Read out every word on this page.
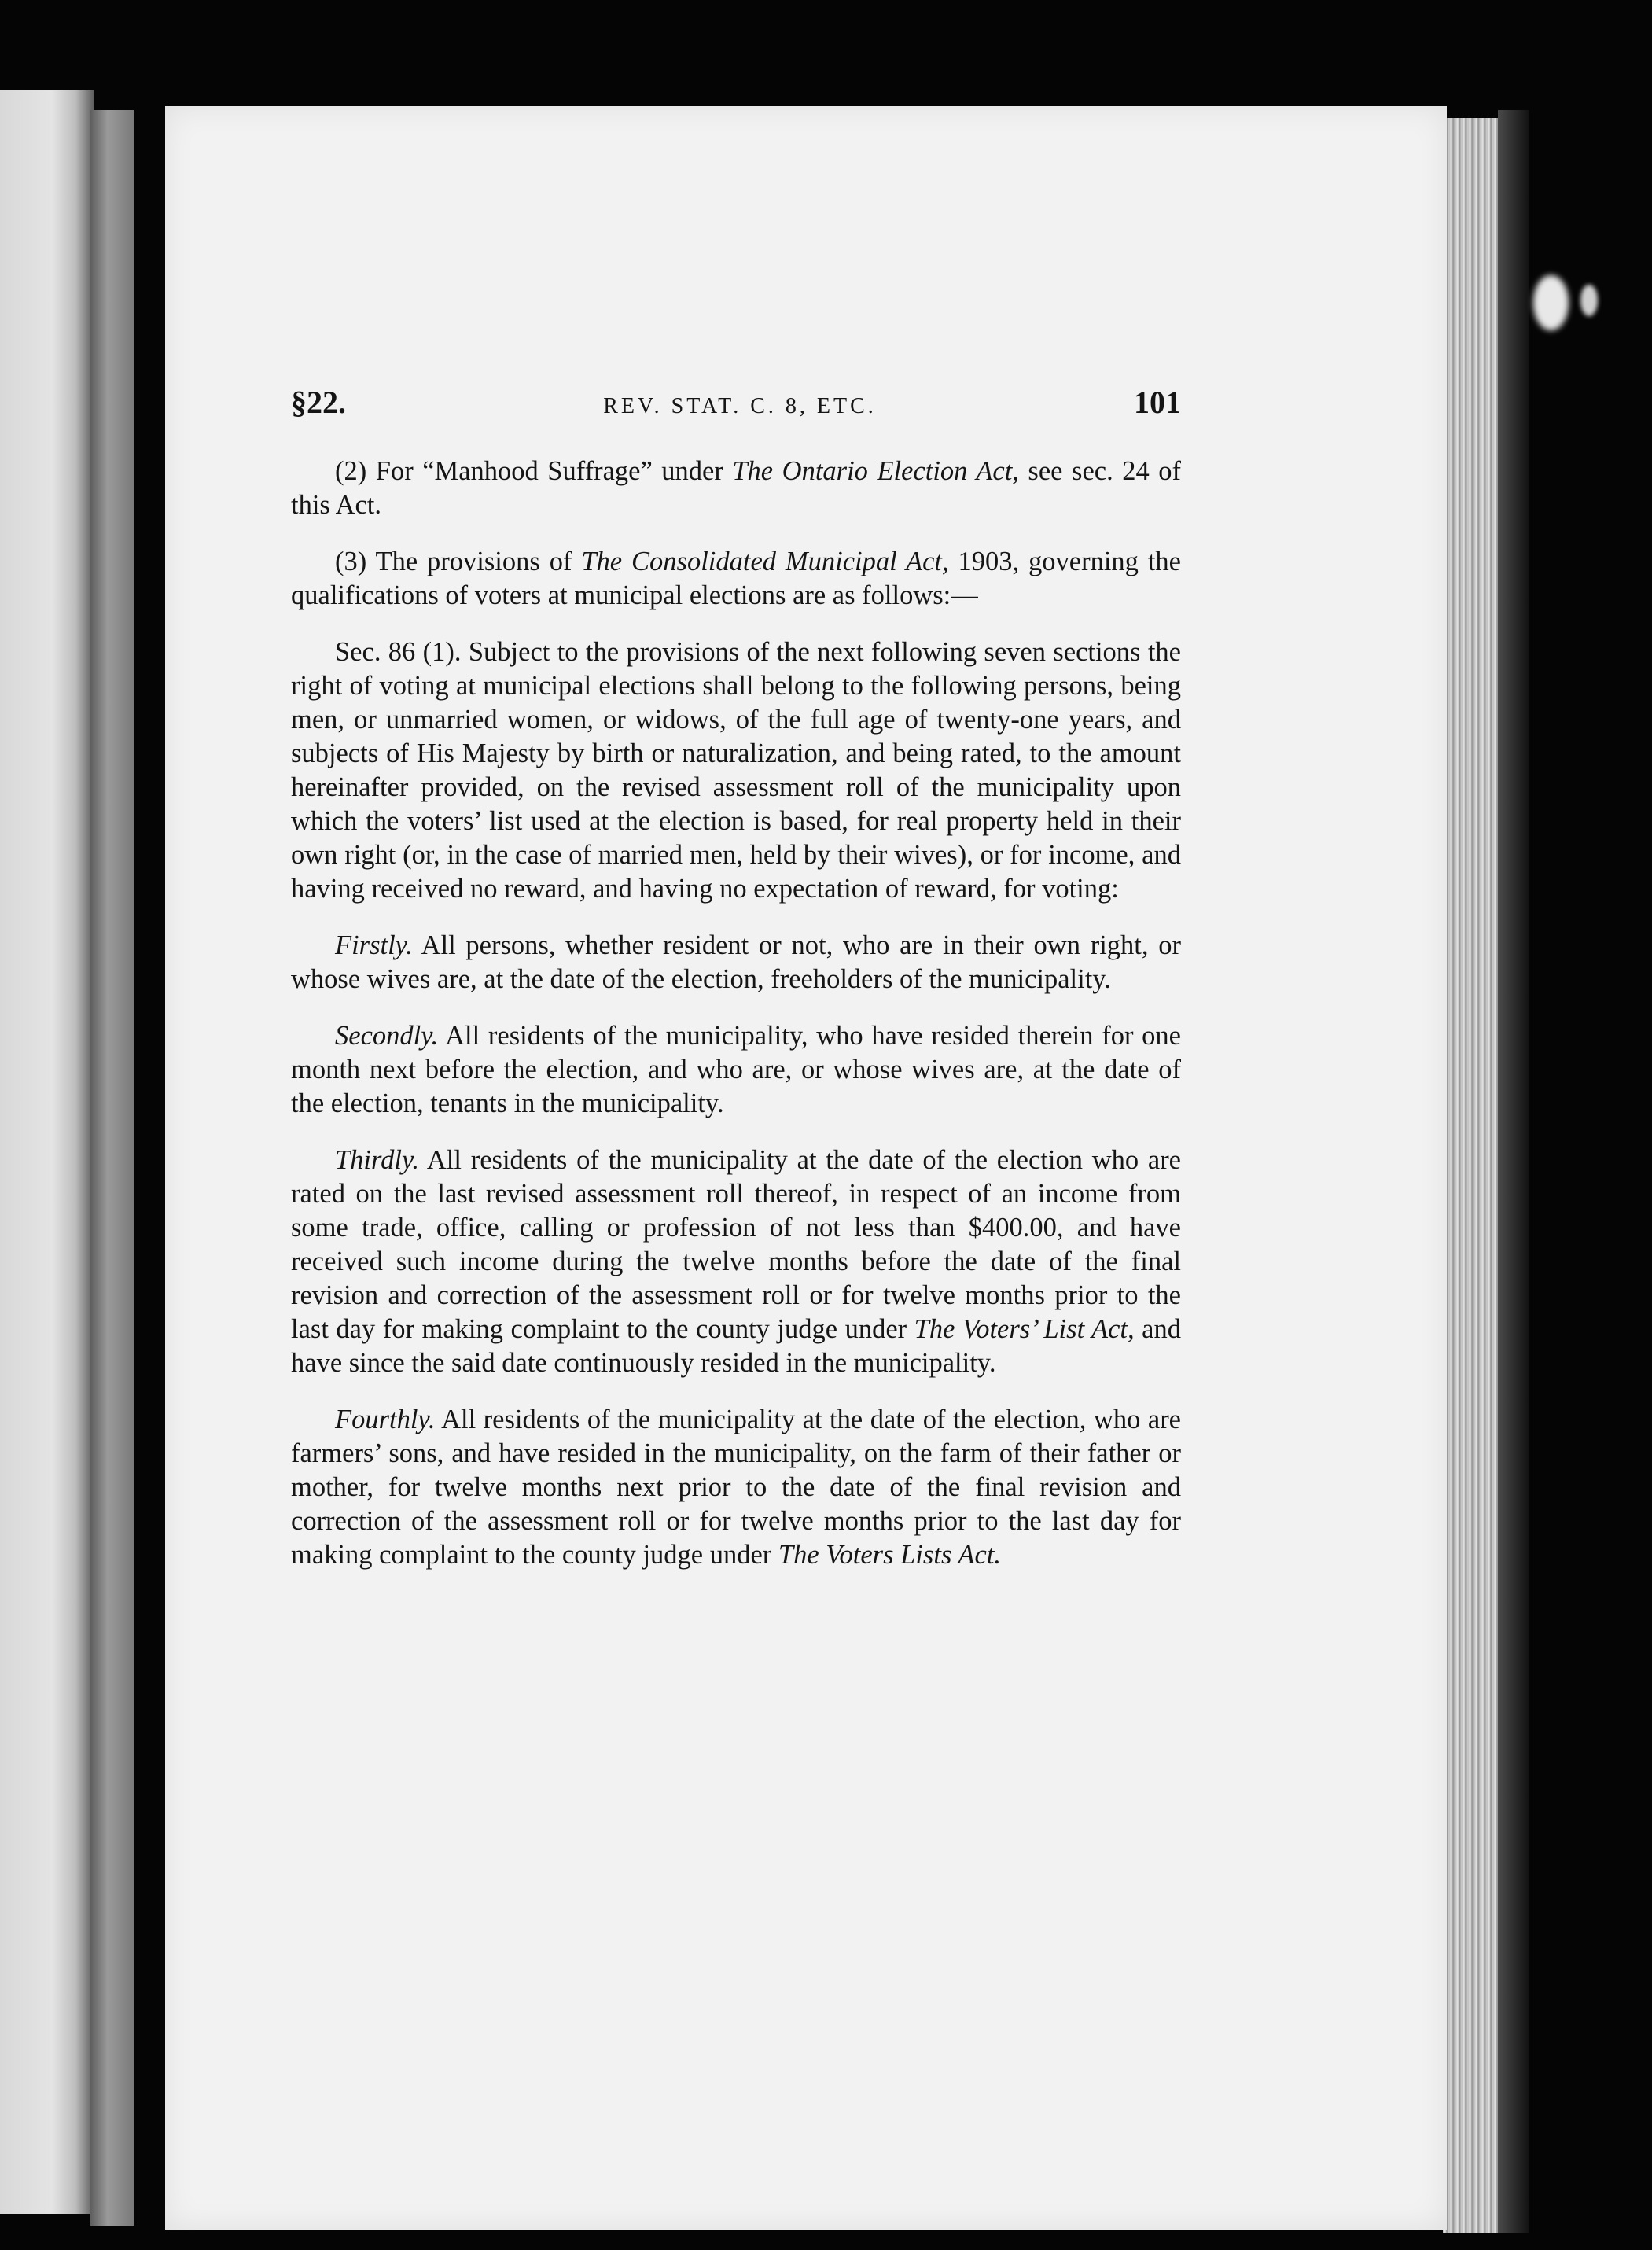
§22.	REV. STAT. C. 8, ETC.	101

(2) For “Manhood Suffrage” under The Ontario Election Act, see sec. 24 of this Act.

(3) The provisions of The Consolidated Municipal Act, 1903, governing the qualifications of voters at municipal elections are as follows:—

Sec. 86 (1). Subject to the provisions of the next following seven sections the right of voting at municipal elections shall belong to the following persons, being men, or unmarried women, or widows, of the full age of twenty-one years, and subjects of His Majesty by birth or naturalization, and being rated, to the amount hereinafter provided, on the revised assessment roll of the municipality upon which the voters’ list used at the election is based, for real property held in their own right (or, in the case of married men, held by their wives), or for income, and having received no reward, and having no expectation of reward, for voting:

Firstly. All persons, whether resident or not, who are in their own right, or whose wives are, at the date of the election, freeholders of the municipality.

Secondly. All residents of the municipality, who have resided therein for one month next before the election, and who are, or whose wives are, at the date of the election, tenants in the municipality.

Thirdly. All residents of the municipality at the date of the election who are rated on the last revised assessment roll thereof, in respect of an income from some trade, office, calling or profession of not less than $400.00, and have received such income during the twelve months before the date of the final revision and correction of the assessment roll or for twelve months prior to the last day for making complaint to the county judge under The Voters’ List Act, and have since the said date continuously resided in the municipality.

Fourthly. All residents of the municipality at the date of the election, who are farmers’ sons, and have resided in the municipality, on the farm of their father or mother, for twelve months next prior to the date of the final revision and correction of the assessment roll or for twelve months prior to the last day for making complaint to the county judge under The Voters Lists Act.
